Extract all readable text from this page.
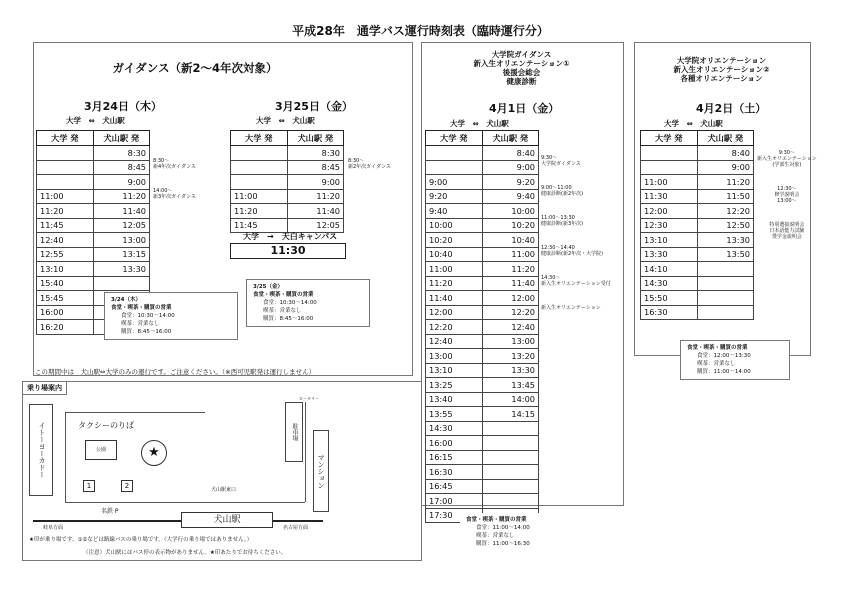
平成28年　通学バス運行時刻表（臨時運行分）
ガイダンス（新2～4年次対象）
3月24日（木）
大学　⇔　犬山駅
大学 発	犬山駅 発
	8:30
	8:45
	9:00
11:00	11:20
11:20	11:40
11:45	12:05
12:40	13:00
12:55	13:15
13:10	13:30
15:40	
15:45	
16:00	
16:20	
8:30～
新4年次ガイダンス
14:00～
新3年次ガイダンス
3月25日（金）
大学　⇔　犬山駅
大学 発	犬山駅 発
	8:30
	8:45
	9:00
11:00	11:20
11:20	11:40
11:45	12:05
8:30～
新2年次ガイダンス
大学　→　天白キャンパス
11:30
3/24（木）
食堂・喫茶・購買の営業
食堂：10:30～14:00
喫茶：営業なし
購買：8:45～16:00
3/25（金）
食堂・喫茶・購買の営業
食堂：10:30～14:00
喫茶：営業なし
購買：8:45～16:00
大学院ガイダンス
新入生オリエンテーション①
後援会総会
健康診断
4月1日（金）
大学　⇔　犬山駅
大学 発	犬山駅 発
	8:40
	9:00
9:00	9:20
9:20	9:40
9:40	10:00
10:00	10:20
10:20	10:40
10:40	11:00
11:00	11:20
11:20	11:40
11:40	12:00
12:00	12:20
12:20	12:40
12:40	13:00
13:00	13:20
13:10	13:30
13:25	13:45
13:40	14:00
13:55	14:15
14:30	
16:00	
16:15	
16:30	
16:45	
17:00	
17:30	
9:30～
大学院ガイダンス
9:00～11:00
健康診断(新2年次)
11:00～13:30
健康診断(新3年次)
12:30～14:40
健康診断(新2年次・大学院)
14:30～
新入生オリエンテーション受付
新入生オリエンテーション
食堂・喫茶・購買の営業
食堂：11:00～14:00
喫茶：営業なし
購買：11:00～16:30
大学院オリエンテーション
新入生オリエンテーション②
各種オリエンテーション
4月2日（土）
大学　⇔　犬山駅
大学 発	犬山駅 発
	8:40
	9:00
11:00	11:20
11:30	11:50
12:00	12:20
12:30	12:50
13:10	13:30
13:30	13:50
14:10	
14:30	
15:50	
16:30	
9:30～
新入生オリエンテーション
(学部生対象)
12:30～
修学説明会
13:00～
特別選抜説明会
日本語能力試験
奨学金説明会
食堂・喫茶・購買の営業
食堂：12:00～13:30
喫茶：営業なし
購買：11:00～14:00
この期間中は　犬山駅⇔大学のみの運行です。ご注意ください。（※西可児駅発は運行しません）
乗り場案内
イトーヨーカドー	タクシーのりば
公園	★
1	2
駐車場
マンション
ロータリー
犬山駅東口
名鉄 P
犬山駅
岐阜方面	名古屋方面
★印が乗り場です。①②などは路線バスの乗り場です。（大学行の乗り場ではありません。）
（注意）犬山駅にはバス停の表示物がありません。★印あたりでお待ちください。
